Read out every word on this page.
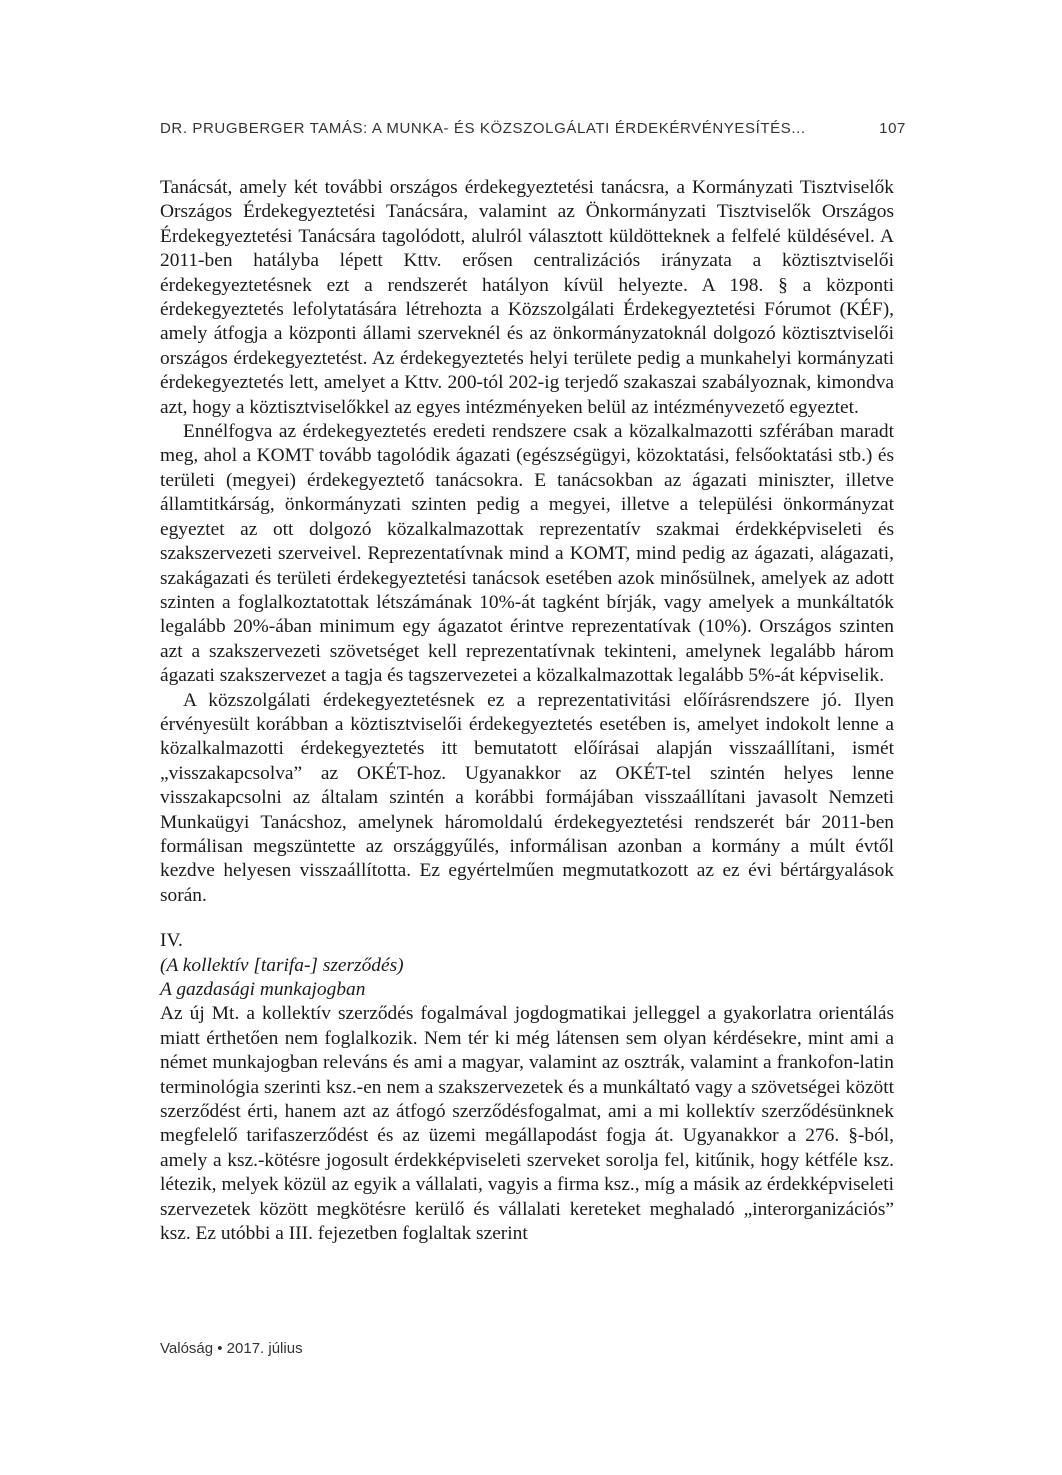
DR. PRUGBERGER TAMÁS: A MUNKA- ÉS KÖZSZOLGÁLATI ÉRDEKÉRVÉNYESÍTÉS...	107

Tanácsát, amely két további országos érdekegyeztetési tanácsra, a Kormányzati Tisztviselők Országos Érdekegyeztetési Tanácsára, valamint az Önkormányzati Tisztviselők Országos Érdekegyeztetési Tanácsára tagolódott, alulról választott küldötteknek a felfelé küldésével. A 2011-ben hatályba lépett Kttv. erősen centralizációs irányzata a köztisztviselői érdekegyeztetésnek ezt a rendszerét hatályon kívül helyezte. A 198. § a központi érdekegyeztetés lefolytatására létrehozta a Közszolgálati Érdekegyeztetési Fórumot (KÉF), amely átfogja a központi állami szerveknél és az önkormányzatoknál dolgozó köztisztviselői országos érdekegyeztetést. Az érdekegyeztetés helyi területe pedig a munkahelyi kormányzati érdekegyeztetés lett, amelyet a Kttv. 200-tól 202-ig terjedő szakaszai szabályoznak, kimondva azt, hogy a köztisztviselőkkel az egyes intézményeken belül az intézményvezető egyeztet.

Ennélfogva az érdekegyeztetés eredeti rendszere csak a közalkalmazotti szférában maradt meg, ahol a KOMT tovább tagolódik ágazati (egészségügyi, közoktatási, felsőoktatási stb.) és területi (megyei) érdekegyeztető tanácsokra. E tanácsokban az ágazati miniszter, illetve államtitkárság, önkormányzati szinten pedig a megyei, illetve a települési önkormányzat egyeztet az ott dolgozó közalkalmazottak reprezentatív szakmai érdekképviseleti és szakszervezeti szerveivel. Reprezentatívnak mind a KOMT, mind pedig az ágazati, alágazati, szakágazati és területi érdekegyeztetési tanácsok esetében azok minősülnek, amelyek az adott szinten a foglalkoztatottak létszámának 10%-át tagként bírják, vagy amelyek a munkáltatók legalább 20%-ában minimum egy ágazatot érintve reprezentatívak (10%). Országos szinten azt a szakszervezeti szövetséget kell reprezentatívnak tekinteni, amelynek legalább három ágazati szakszervezet a tagja és tagszervezetei a közalkalmazottak legalább 5%-át képviselik.

A közszolgálati érdekegyeztetésnek ez a reprezentativitási előírásrendszere jó. Ilyen érvényesült korábban a köztisztviselői érdekegyeztetés esetében is, amelyet indokolt lenne a közalkalmazotti érdekegyeztetés itt bemutatott előírásai alapján visszaállítani, ismét „visszakapcsolva” az OKÉT-hoz. Ugyanakkor az OKÉT-tel szintén helyes lenne visszakapcsolni az általam szintén a korábbi formájában visszaállítani javasolt Nemzeti Munkaügyi Tanácshoz, amelynek háromoldalú érdekegyeztetési rendszerét bár 2011-ben formálisan megszüntette az országgyűlés, informálisan azonban a kormány a múlt évtől kezdve helyesen visszaállította. Ez egyértelműen megmutatkozott az ez évi bértárgyalások során.

IV.

(A kollektív [tarifa-] szerződés)

A gazdasági munkajogban

Az új Mt. a kollektív szerződés fogalmával jogdogmatikai jelleggel a gyakorlatra orientálás miatt érthetően nem foglalkozik. Nem tér ki még látensen sem olyan kérdésekre, mint ami a német munkajogban releváns és ami a magyar, valamint az osztrák, valamint a frankofon-latin terminológia szerinti ksz.-en nem a szakszervezetek és a munkáltató vagy a szövetségei között szerződést érti, hanem azt az átfogó szerződésfogalmat, ami a mi kollektív szerződésünknek megfelelő tarifaszerződést és az üzemi megállapodást fogja át. Ugyanakkor a 276. §-ból, amely a ksz.-kötésre jogosult érdekképviseleti szerveket sorolja fel, kitűnik, hogy kétféle ksz. létezik, melyek közül az egyik a vállalati, vagyis a firma ksz., míg a másik az érdekképviseleti szervezetek között megkötésre kerülő és vállalati kereteket meghaladó „interorganizációs” ksz. Ez utóbbi a III. fejezetben foglaltak szerint

Valóság • 2017. július
